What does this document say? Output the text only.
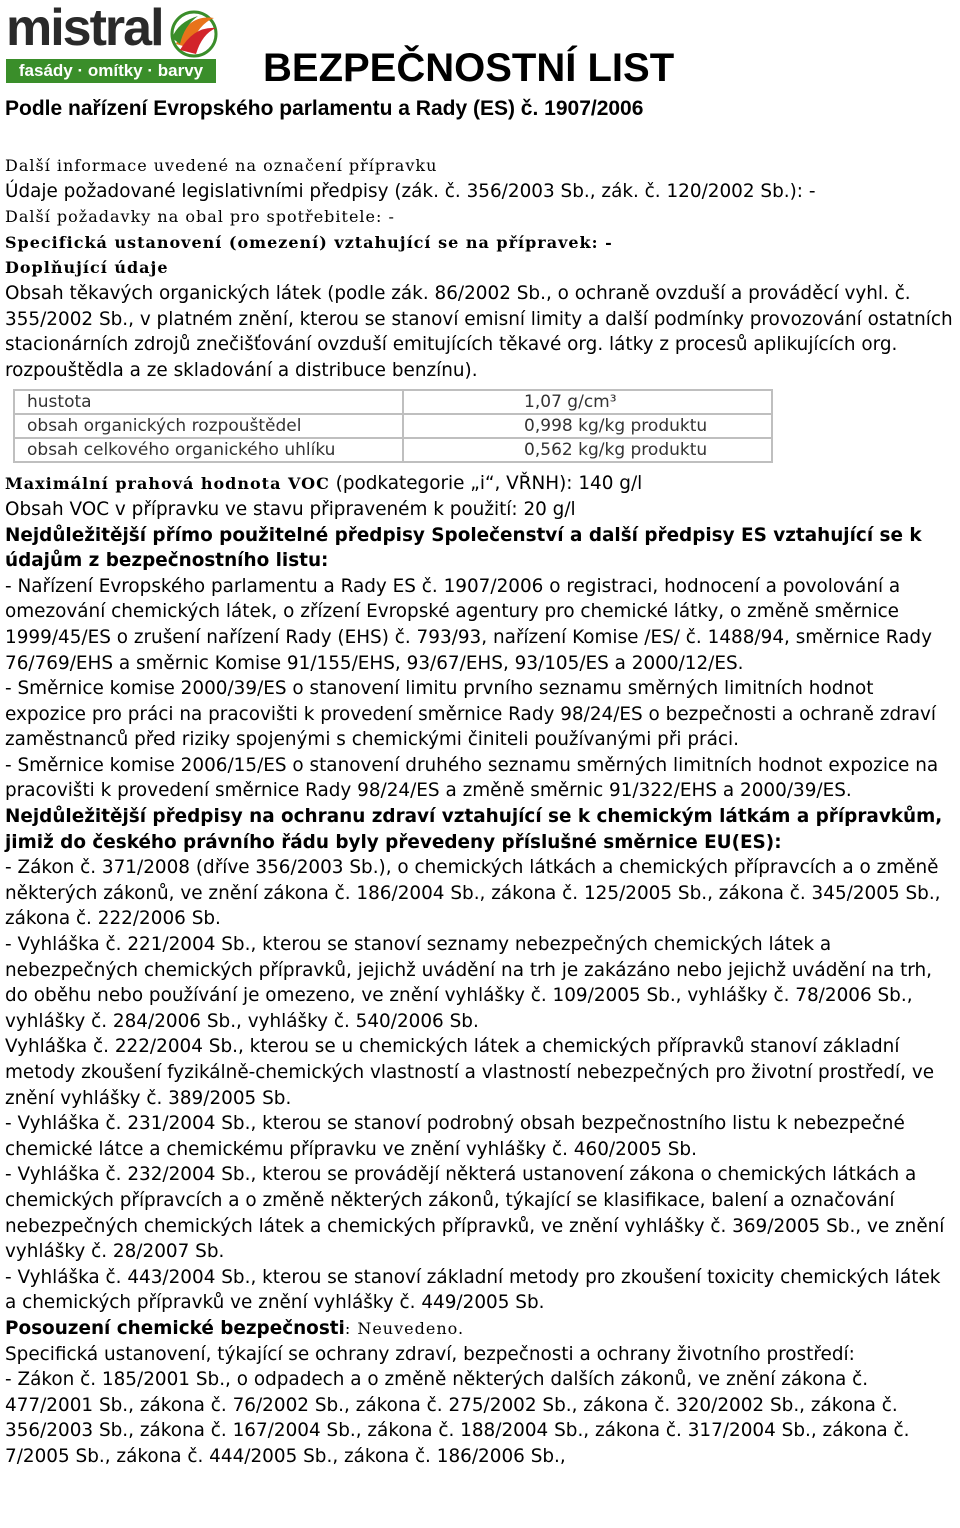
mistral
fasády · omítky · barvy	BEZPEČNOSTNÍ LIST
Podle nařízení Evropského parlamentu a Rady (ES) č. 1907/2006

Další informace uvedené na označení přípravku

Údaje požadované legislativními předpisy (zák. č. 356/2003 Sb., zák. č. 120/2002 Sb.): -

Další požadavky na obal pro spotřebitele: -

Specifická ustanovení (omezení) vztahující se na přípravek: -

Doplňující údaje

Obsah těkavých organických látek (podle zák. 86/2002 Sb., o ochraně ovzduší a prováděcí vyhl. č. 355/2002 Sb., v platném znění, kterou se stanoví emisní limity a další podmínky provozování ostatních stacionárních zdrojů znečišťování ovzduší emitujících těkavé org. látky z procesů aplikujících org. rozpouštědla a ze skladování a distribuce benzínu).

hustota	1,07 g/cm³
obsah organických rozpouštědel	0,998 kg/kg produktu
obsah celkového organického uhlíku	0,562 kg/kg produktu

Maximální prahová hodnota VOC (podkategorie „i“, VŘNH): 140 g/l

Obsah VOC v přípravku ve stavu připraveném k použití: 20 g/l

Nejdůležitější přímo použitelné předpisy Společenství a další předpisy ES vztahující se k údajům z bezpečnostního listu:

- Nařízení Evropského parlamentu a Rady ES č. 1907/2006 o registraci, hodnocení a povolování a omezování chemických látek, o zřízení Evropské agentury pro chemické látky, o změně směrnice 1999/45/ES o zrušení nařízení Rady (EHS) č. 793/93, nařízení Komise /ES/ č. 1488/94, směrnice Rady 76/769/EHS a směrnic Komise 91/155/EHS, 93/67/EHS, 93/105/ES a 2000/12/ES.

- Směrnice komise 2000/39/ES o stanovení limitu prvního seznamu směrných limitních hodnot expozice pro práci na pracovišti k provedení směrnice Rady 98/24/ES o bezpečnosti a ochraně zdraví zaměstnanců před riziky spojenými s chemickými činiteli používanými při práci.

- Směrnice komise 2006/15/ES o stanovení druhého seznamu směrných limitních hodnot expozice na pracovišti k provedení směrnice Rady 98/24/ES a změně směrnic 91/322/EHS a 2000/39/ES.

Nejdůležitější předpisy na ochranu zdraví vztahující se k chemickým látkám a přípravkům, jimiž do českého právního řádu byly převedeny příslušné směrnice EU(ES):

- Zákon č. 371/2008 (dříve 356/2003 Sb.), o chemických látkách a chemických přípravcích a o změně některých zákonů, ve znění zákona č. 186/2004 Sb., zákona č. 125/2005 Sb., zákona č. 345/2005 Sb., zákona č. 222/2006 Sb.

- Vyhláška č. 221/2004 Sb., kterou se stanoví seznamy nebezpečných chemických látek a nebezpečných chemických přípravků, jejichž uvádění na trh je zakázáno nebo jejichž uvádění na trh, do oběhu nebo používání je omezeno, ve znění vyhlášky č. 109/2005 Sb., vyhlášky č. 78/2006 Sb., vyhlášky č. 284/2006 Sb., vyhlášky č. 540/2006 Sb.

Vyhláška č. 222/2004 Sb., kterou se u chemických látek a chemických přípravků stanoví základní metody zkoušení fyzikálně-chemických vlastností a vlastností nebezpečných pro životní prostředí, ve znění vyhlášky č. 389/2005 Sb.

- Vyhláška č. 231/2004 Sb., kterou se stanoví podrobný obsah bezpečnostního listu k nebezpečné chemické látce a chemickému přípravku ve znění vyhlášky č. 460/2005 Sb.

- Vyhláška č. 232/2004 Sb., kterou se provádějí některá ustanovení zákona o chemických látkách a chemických přípravcích a o změně některých zákonů, týkající se klasifikace, balení a označování nebezpečných chemických látek a chemických přípravků, ve znění vyhlášky č. 369/2005 Sb., ve znění vyhlášky č. 28/2007 Sb.

- Vyhláška č. 443/2004 Sb., kterou se stanoví základní metody pro zkoušení toxicity chemických látek a chemických přípravků ve znění vyhlášky č. 449/2005 Sb.

Posouzení chemické bezpečnosti: Neuvedeno.

Specifická ustanovení, týkající se ochrany zdraví, bezpečnosti a ochrany životního prostředí:

- Zákon č. 185/2001 Sb., o odpadech a o změně některých dalších zákonů, ve znění zákona č. 477/2001 Sb., zákona č. 76/2002 Sb., zákona č. 275/2002 Sb., zákona č. 320/2002 Sb., zákona č. 356/2003 Sb., zákona č. 167/2004 Sb., zákona č. 188/2004 Sb., zákona č. 317/2004 Sb., zákona č. 7/2005 Sb., zákona č. 444/2005 Sb., zákona č. 186/2006 Sb.,
